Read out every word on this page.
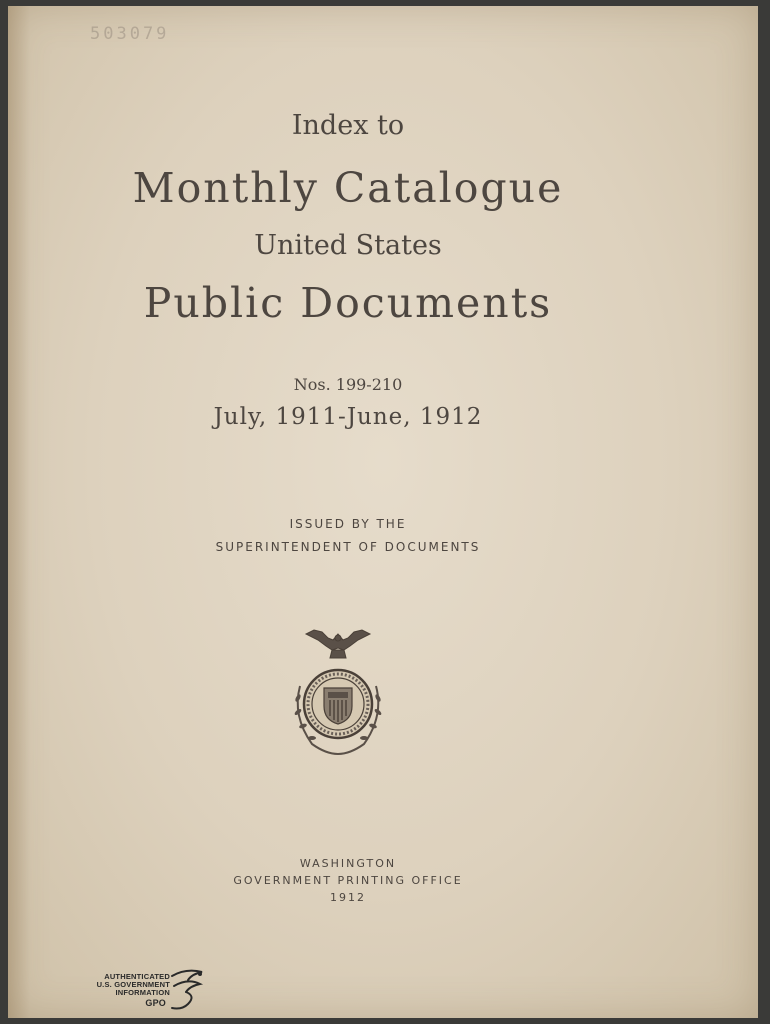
503079
Index to
Monthly Catalogue
United States
Public Documents
Nos. 199-210
July, 1911-June, 1912
ISSUED BY THE
SUPERINTENDENT OF DOCUMENTS
WASHINGTON
GOVERNMENT PRINTING OFFICE
1912
AUTHENTICATED
U.S. GOVERNMENT
INFORMATION
GPO
